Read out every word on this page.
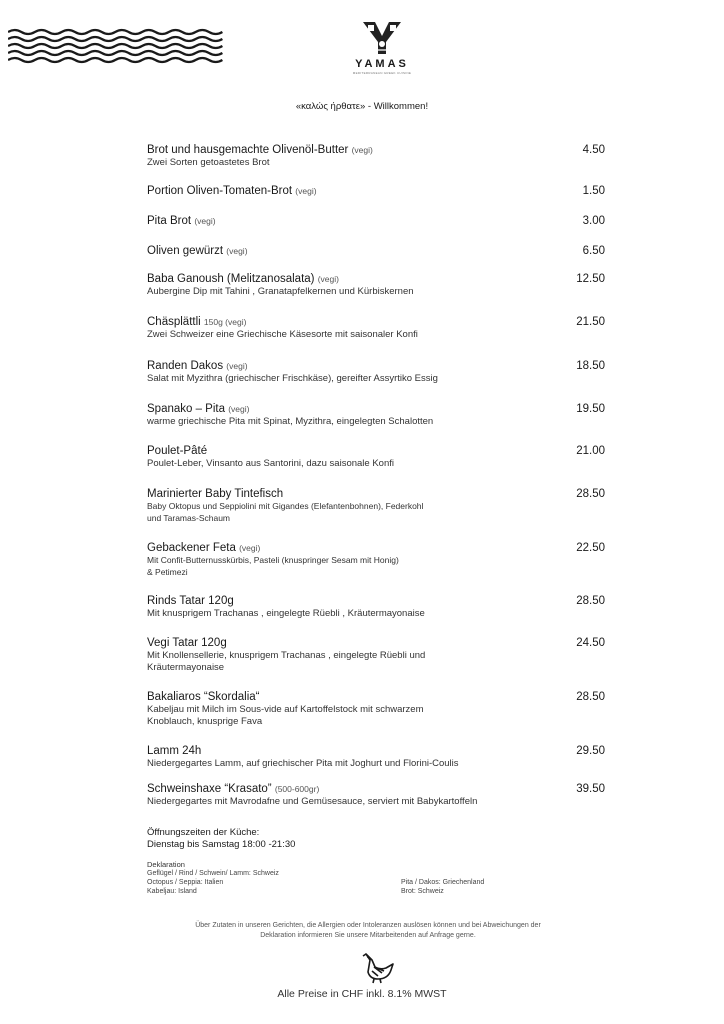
YAMAS
MEDITERRANEAN GREEK CUISINE
«καλώς ήρθατε» - Willkommen!
Brot und hausgemachte Olivenöl-Butter (vegi)	4.50
Zwei Sorten getoastetes Brot
Portion Oliven-Tomaten-Brot (vegi)	1.50
Pita Brot (vegi)	3.00
Oliven gewürzt (vegi)	6.50
Baba Ganoush (Melitzanosalata) (vegi)	12.50
Aubergine Dip mit Tahini , Granatapfelkernen und Kürbiskernen
Chäsplättli 150g (vegi)	21.50
Zwei Schweizer eine Griechische Käsesorte mit saisonaler Konfi
Randen Dakos (vegi)	18.50
Salat mit Myzithra (griechischer Frischkäse), gereifter Assyrtiko Essig
Spanako – Pita (vegi)	19.50
warme griechische Pita mit Spinat, Myzithra, eingelegten Schalotten
Poulet-Pâté	21.00
Poulet-Leber, Vinsanto aus Santorini, dazu saisonale Konfi
Marinierter Baby Tintefisch	28.50
Baby Oktopus und Seppiolini mit Gigandes (Elefantenbohnen), Federkohl
und Taramas-Schaum
Gebackener Feta (vegi)	22.50
Mit Confit-Butternusskürbis, Pasteli (knuspringer Sesam mit Honig)
& Petimezi
Rinds Tatar 120g	28.50
Mit knusprigem Trachanas , eingelegte Rüebli , Kräutermayonaise
Vegi Tatar 120g	24.50
Mit Knollensellerie, knusprigem Trachanas , eingelegte Rüebli und
Kräutermayonaise
Bakaliaros “Skordalia“	28.50
Kabeljau mit Milch im Sous-vide auf Kartoffelstock mit schwarzem
Knoblauch, knusprige Fava
Lamm 24h	29.50
Niedergegartes Lamm, auf griechischer Pita mit Joghurt und Florini-Coulis
Schweinshaxe “Krasato” (500-600gr)	39.50
Niedergegartes mit Mavrodafne und Gemüsesauce, serviert mit Babykartoffeln
Öffnungszeiten der Küche:
Dienstag bis Samstag 18:00 -21:30
Deklaration
Geflügel / Rind / Schwein/ Lamm: Schweiz
Octopus / Seppia: Italien
Kabeljau: Island
Pita / Dakos: Griechenland
Brot: Schweiz
Über Zutaten in unseren Gerichten, die Allergien oder Intoleranzen auslösen können und bei Abweichungen der
Deklaration informieren Sie unsere Mitarbeitenden auf Anfrage gerne.
Alle Preise in CHF inkl. 8.1% MWST
